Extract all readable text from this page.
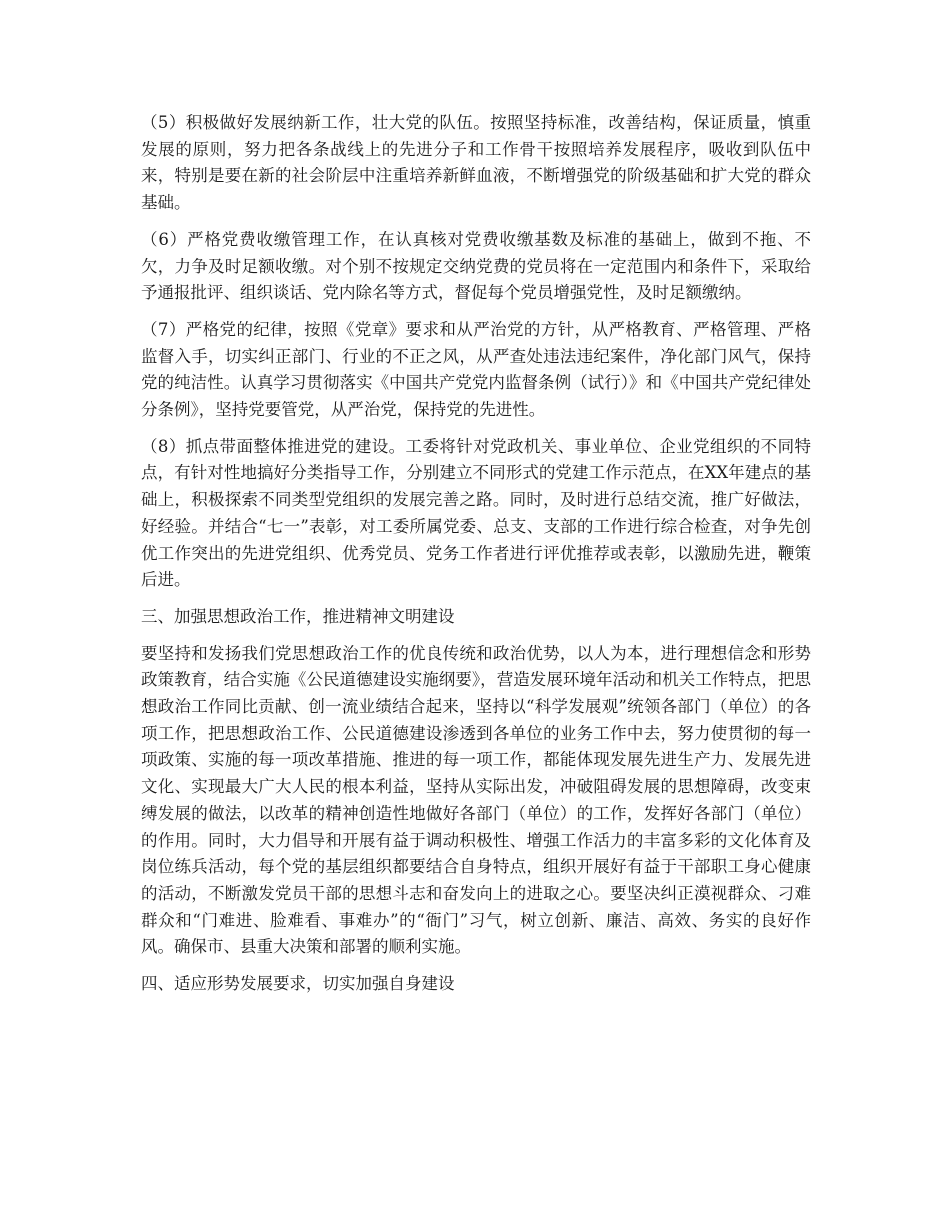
（5）积极做好发展纳新工作，壮大党的队伍。按照坚持标准，改善结构，保证质量，慎重发展的原则，努力把各条战线上的先进分子和工作骨干按照培养发展程序，吸收到队伍中来，特别是要在新的社会阶层中注重培养新鲜血液，不断增强党的阶级基础和扩大党的群众基础。

（6）严格党费收缴管理工作，在认真核对党费收缴基数及标准的基础上，做到不拖、不欠，力争及时足额收缴。对个别不按规定交纳党费的党员将在一定范围内和条件下，采取给予通报批评、组织谈话、党内除名等方式，督促每个党员增强党性，及时足额缴纳。

（7）严格党的纪律，按照《党章》要求和从严治党的方针，从严格教育、严格管理、严格监督入手，切实纠正部门、行业的不正之风，从严查处违法违纪案件，净化部门风气，保持党的纯洁性。认真学习贯彻落实《中国共产党党内监督条例（试行）》和《中国共产党纪律处分条例》，坚持党要管党，从严治党，保持党的先进性。

（8）抓点带面整体推进党的建设。工委将针对党政机关、事业单位、企业党组织的不同特点，有针对性地搞好分类指导工作，分别建立不同形式的党建工作示范点，在XX年建点的基础上，积极探索不同类型党组织的发展完善之路。同时，及时进行总结交流，推广好做法，好经验。并结合“七一”表彰，对工委所属党委、总支、支部的工作进行综合检查，对争先创优工作突出的先进党组织、优秀党员、党务工作者进行评优推荐或表彰，以激励先进，鞭策后进。

三、加强思想政治工作，推进精神文明建设

要坚持和发扬我们党思想政治工作的优良传统和政治优势，以人为本，进行理想信念和形势政策教育，结合实施《公民道德建设实施纲要》，营造发展环境年活动和机关工作特点，把思想政治工作同比贡献、创一流业绩结合起来，坚持以“科学发展观”统领各部门（单位）的各项工作，把思想政治工作、公民道德建设渗透到各单位的业务工作中去，努力使贯彻的每一项政策、实施的每一项改革措施、推进的每一项工作，都能体现发展先进生产力、发展先进文化、实现最大广大人民的根本利益，坚持从实际出发，冲破阻碍发展的思想障碍，改变束缚发展的做法，以改革的精神创造性地做好各部门（单位）的工作，发挥好各部门（单位）的作用。同时，大力倡导和开展有益于调动积极性、增强工作活力的丰富多彩的文化体育及岗位练兵活动，每个党的基层组织都要结合自身特点，组织开展好有益于干部职工身心健康的活动，不断激发党员干部的思想斗志和奋发向上的进取之心。要坚决纠正漠视群众、刁难群众和“门难进、脸难看、事难办”的“衙门”习气，树立创新、廉洁、高效、务实的良好作风。确保市、县重大决策和部署的顺利实施。

四、适应形势发展要求，切实加强自身建设
